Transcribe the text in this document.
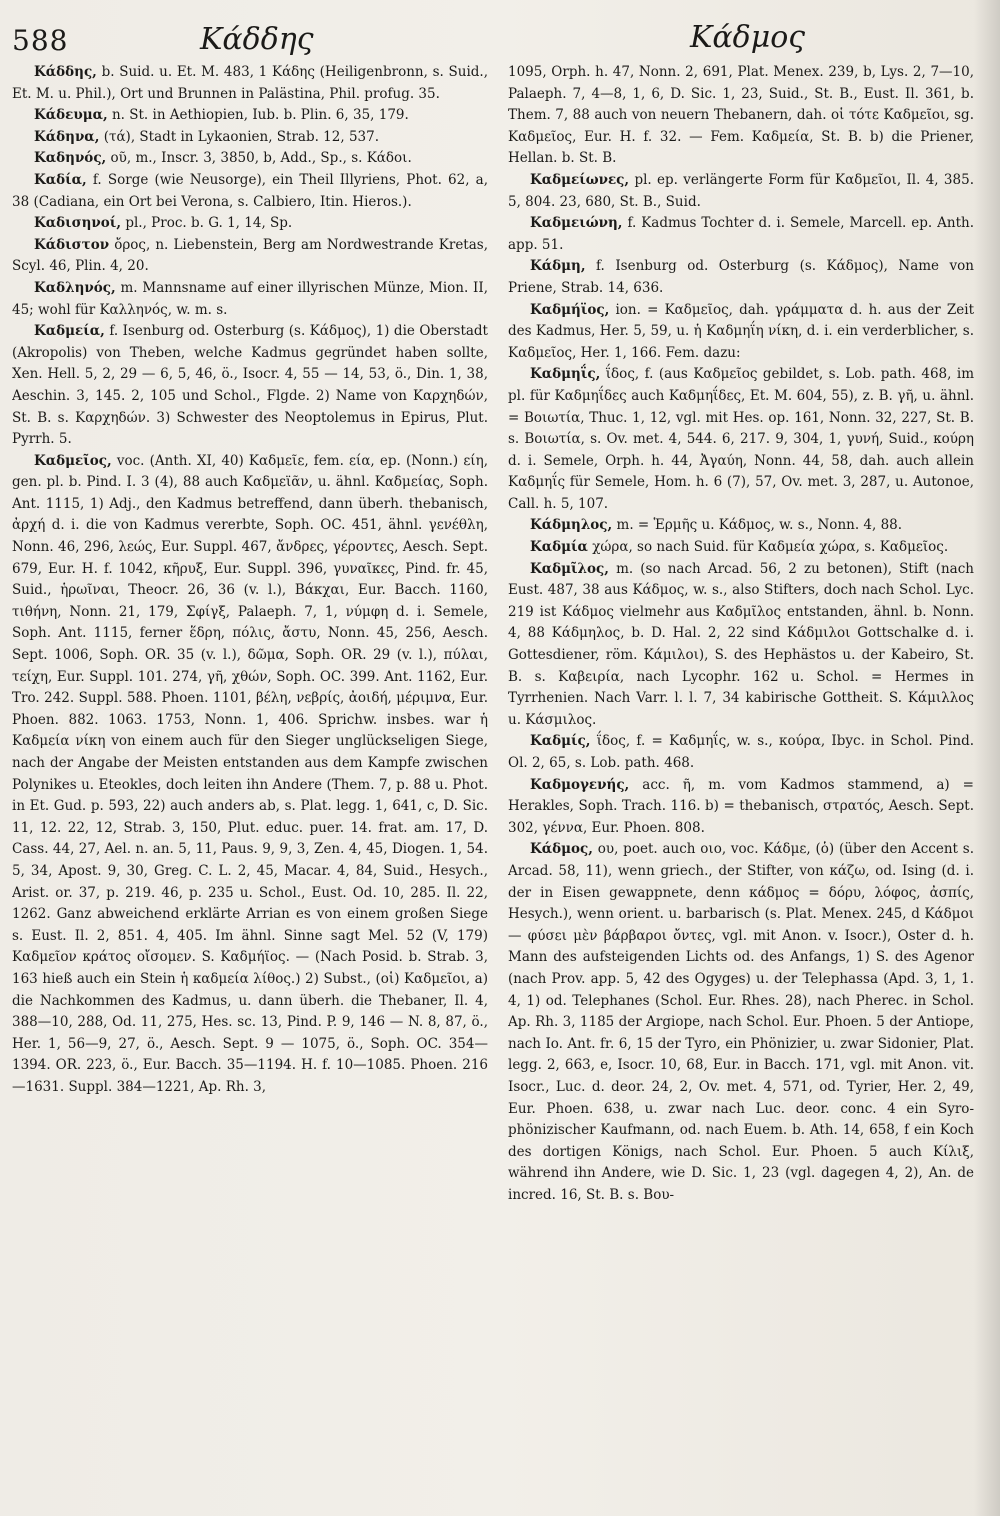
588	Κάδδης	Κάδμος

Κάδδης, b. Suid. u. Et. M. 483, 1 Κάδης (Heiligenbronn, s. Suid., Et. M. u. Phil.), Ort und Brunnen in Palästina, Phil. profug. 35.

Κάδευμα, n. St. in Aethiopien, Iub. b. Plin. 6, 35, 179.

Κάδηνα, (τά), Stadt in Lykaonien, Strab. 12, 537.

Καδηνός, οῦ, m., Inscr. 3, 3850, b, Add., Sp., s. Κάδοι.

Καδία, f. Sorge (wie Neusorge), ein Theil Illyriens, Phot. 62, a, 38 (Cadiana, ein Ort bei Verona, s. Calbiero, Itin. Hieros.).

Καδισηνοί, pl., Proc. b. G. 1, 14, Sp.

Κάδιστον ὄρος, n. Liebenstein, Berg am Nordwestrande Kretas, Scyl. 46, Plin. 4, 20.

Καδληνός, m. Mannsname auf einer illyrischen Münze, Mion. II, 45; wohl für Καλληνός, w. m. s.

Καδμεία, f. Isenburg od. Osterburg (s. Κάδμος), 1) die Oberstadt (Akropolis) von Theben, welche Kadmus gegründet haben sollte, Xen. Hell. 5, 2, 29 — 6, 5, 46, ö., Isocr. 4, 55 — 14, 53, ö., Din. 1, 38, Aeschin. 3, 145. 2, 105 und Schol., Flgde. 2) Name von Καρχηδών, St. B. s. Καρχηδών. 3) Schwester des Neoptolemus in Epirus, Plut. Pyrrh. 5.

Καδμεῖος, voc. (Anth. XI, 40) Καδμεῖε, fem. εία, ep. (Nonn.) είη, gen. pl. b. Pind. I. 3 (4), 88 auch Καδμεϊᾶν, u. ähnl. Καδμείας, Soph. Ant. 1115, 1) Adj., den Kadmus betreffend, dann überh. thebanisch, ἀρχή d. i. die von Kadmus vererbte, Soph. OC. 451, ähnl. γενέθλη, Nonn. 46, 296, λεώς, Eur. Suppl. 467, ἄνδρες, γέροντες, Aesch. Sept. 679, Eur. H. f. 1042, κῆρυξ, Eur. Suppl. 396, γυναῖκες, Pind. fr. 45, Suid., ἡρωῖναι, Theocr. 26, 36 (v. l.), Βάκχαι, Eur. Bacch. 1160, τιθήνη, Nonn. 21, 179, Σφίγξ, Palaeph. 7, 1, νύμφη d. i. Semele, Soph. Ant. 1115, ferner ἕδρη, πόλις, ἄστυ, Nonn. 45, 256, Aesch. Sept. 1006, Soph. OR. 35 (v. l.), δῶμα, Soph. OR. 29 (v. l.), πύλαι, τείχη, Eur. Suppl. 101. 274, γῆ, χθών, Soph. OC. 399. Ant. 1162, Eur. Tro. 242. Suppl. 588. Phoen. 1101, βέλη, νεβρίς, ἀοιδή, μέριμνα, Eur. Phoen. 882. 1063. 1753, Nonn. 1, 406. Sprichw. insbes. war ἡ Καδμεία νίκη von einem auch für den Sieger unglückseligen Siege, nach der Angabe der Meisten entstanden aus dem Kampfe zwischen Polynikes u. Eteokles, doch leiten ihn Andere (Them. 7, p. 88 u. Phot. in Et. Gud. p. 593, 22) auch anders ab, s. Plat. legg. 1, 641, c, D. Sic. 11, 12. 22, 12, Strab. 3, 150, Plut. educ. puer. 14. frat. am. 17, D. Cass. 44, 27, Ael. n. an. 5, 11, Paus. 9, 9, 3, Zen. 4, 45, Diogen. 1, 54. 5, 34, Apost. 9, 30, Greg. C. L. 2, 45, Macar. 4, 84, Suid., Hesych., Arist. or. 37, p. 219. 46, p. 235 u. Schol., Eust. Od. 10, 285. Il. 22, 1262. Ganz abweichend erklärte Arrian es von einem großen Siege s. Eust. Il. 2, 851. 4, 405. Im ähnl. Sinne sagt Mel. 52 (V, 179) Καδμεῖον κράτος οἴσομεν. S. Καδμήϊος. — (Nach Posid. b. Strab. 3, 163 hieß auch ein Stein ἡ καδμεία λίθος.) 2) Subst., (οἱ) Καδμεῖοι, a) die Nachkommen des Kadmus, u. dann überh. die Thebaner, Il. 4, 388—10, 288, Od. 11, 275, Hes. sc. 13, Pind. P. 9, 146 — N. 8, 87, ö., Her. 1, 56—9, 27, ö., Aesch. Sept. 9 — 1075, ö., Soph. OC. 354—1394. OR. 223, ö., Eur. Bacch. 35—1194. H. f. 10—1085. Phoen. 216—1631. Suppl. 384—1221, Ap. Rh. 3,

1095, Orph. h. 47, Nonn. 2, 691, Plat. Menex. 239, b, Lys. 2, 7—10, Palaeph. 7, 4—8, 1, 6, D. Sic. 1, 23, Suid., St. B., Eust. Il. 361, b. Them. 7, 88 auch von neuern Thebanern, dah. οἱ τότε Καδμεῖοι, sg. Καδμεῖος, Eur. H. f. 32. — Fem. Καδμεία, St. B. b) die Priener, Hellan. b. St. B.

Καδμείωνες, pl. ep. verlängerte Form für Καδμεῖοι, Il. 4, 385. 5, 804. 23, 680, St. B., Suid.

Καδμειώνη, f. Kadmus Tochter d. i. Semele, Marcell. ep. Anth. app. 51.

Κάδμη, f. Isenburg od. Osterburg (s. Κάδμος), Name von Priene, Strab. 14, 636.

Καδμήϊος, ion. = Καδμεῖος, dah. γράμματα d. h. aus der Zeit des Kadmus, Her. 5, 59, u. ἡ Καδμηΐη νίκη, d. i. ein verderblicher, s. Καδμεῖος, Her. 1, 166. Fem. dazu:

Καδμηΐς, ΐδος, f. (aus Καδμεῖος gebildet, s. Lob. path. 468, im pl. für Καδμηΐδες auch Καδμηΐδες, Et. M. 604, 55), z. B. γῆ, u. ähnl. = Βοιωτία, Thuc. 1, 12, vgl. mit Hes. op. 161, Nonn. 32, 227, St. B. s. Βοιωτία, s. Ov. met. 4, 544. 6, 217. 9, 304, 1, γυνή, Suid., κούρη d. i. Semele, Orph. h. 44, Ἀγαύη, Nonn. 44, 58, dah. auch allein Καδμηΐς für Semele, Hom. h. 6 (7), 57, Ov. met. 3, 287, u. Autonoe, Call. h. 5, 107.

Κάδμηλος, m. = Ἑρμῆς u. Κάδμος, w. s., Nonn. 4, 88.

Καδμία χώρα, so nach Suid. für Καδμεία χώρα, s. Καδμεῖος.

Καδμῖλος, m. (so nach Arcad. 56, 2 zu betonen), Stift (nach Eust. 487, 38 aus Κάδμος, w. s., also Stifters, doch nach Schol. Lyc. 219 ist Κάδμος vielmehr aus Καδμῖλος entstanden, ähnl. b. Nonn. 4, 88 Κάδμηλος, b. D. Hal. 2, 22 sind Κάδμιλοι Gottschalke d. i. Gottesdiener, röm. Κάμιλοι), S. des Hephästos u. der Kabeiro, St. B. s. Καβειρία, nach Lycophr. 162 u. Schol. = Hermes in Tyrrhenien. Nach Varr. l. l. 7, 34 kabirische Gottheit. S. Κάμιλλος u. Κάσμιλος.

Καδμίς, ΐδος, f. = Καδμηΐς, w. s., κούρα, Ibyc. in Schol. Pind. Ol. 2, 65, s. Lob. path. 468.

Καδμογενής, acc. ῆ, m. vom Kadmos stammend, a) = Herakles, Soph. Trach. 116. b) = thebanisch, στρατός, Aesch. Sept. 302, γέννα, Eur. Phoen. 808.

Κάδμος, ου, poet. auch οιο, voc. Κάδμε, (ὁ) (über den Accent s. Arcad. 58, 11), wenn griech., der Stifter, von κάζω, od. Ising (d. i. der in Eisen gewappnete, denn κάδμος = δόρυ, λόφος, ἀσπίς, Hesych.), wenn orient. u. barbarisch (s. Plat. Menex. 245, d Κάδμοι — φύσει μὲν βάρβαροι ὄντες, vgl. mit Anon. v. Isocr.), Oster d. h. Mann des aufsteigenden Lichts od. des Anfangs, 1) S. des Agenor (nach Prov. app. 5, 42 des Ogyges) u. der Telephassa (Apd. 3, 1, 1. 4, 1) od. Telephanes (Schol. Eur. Rhes. 28), nach Pherec. in Schol. Ap. Rh. 3, 1185 der Argiope, nach Schol. Eur. Phoen. 5 der Antiope, nach Io. Ant. fr. 6, 15 der Tyro, ein Phönizier, u. zwar Sidonier, Plat. legg. 2, 663, e, Isocr. 10, 68, Eur. in Bacch. 171, vgl. mit Anon. vit. Isocr., Luc. d. deor. 24, 2, Ov. met. 4, 571, od. Tyrier, Her. 2, 49, Eur. Phoen. 638, u. zwar nach Luc. deor. conc. 4 ein Syro-phönizischer Kaufmann, od. nach Euem. b. Ath. 14, 658, f ein Koch des dortigen Königs, nach Schol. Eur. Phoen. 5 auch Κίλιξ, während ihn Andere, wie D. Sic. 1, 23 (vgl. dagegen 4, 2), An. de incred. 16, St. B. s. Βου-
